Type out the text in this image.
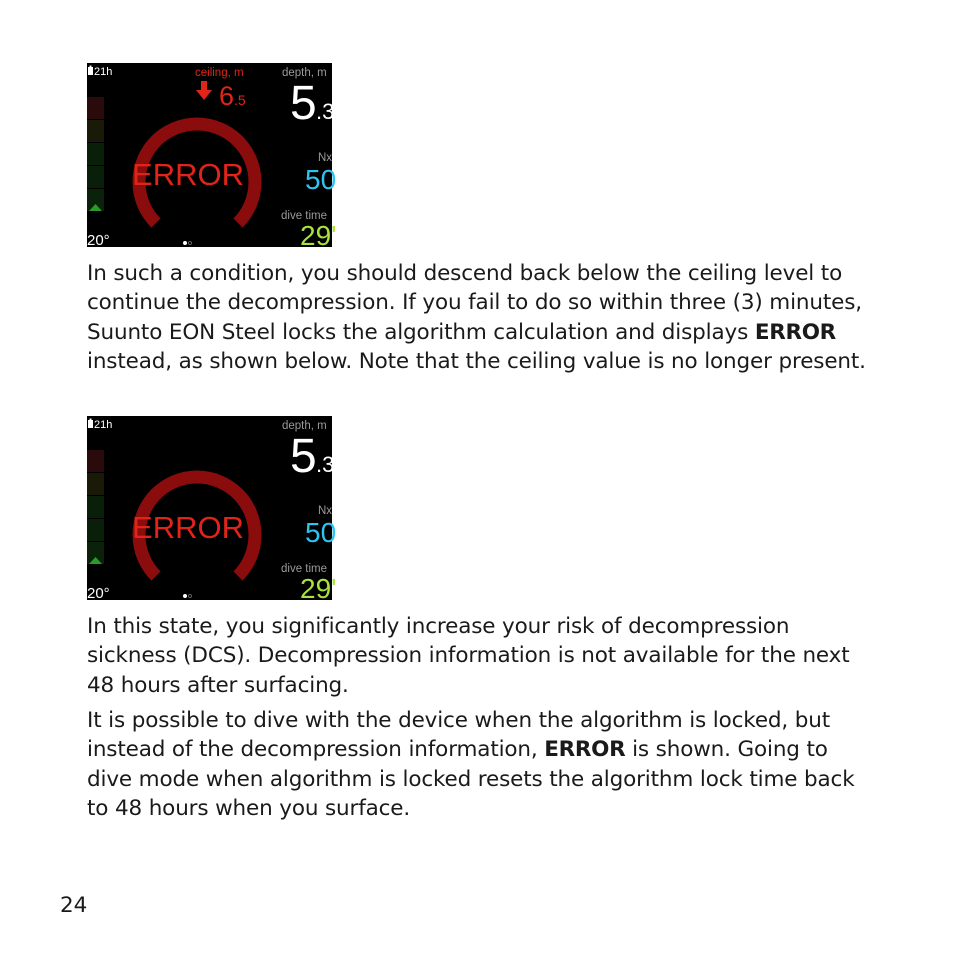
21h	ceiling, m
6 .5
depth, m
5 .3
Nx
50
ERROR
dive time
29'
20°

In such a condition, you should descend back below the ceiling level to continue the decompression. If you fail to do so within three (3) minutes, Suunto EON Steel locks the algorithm calculation and displays ERROR instead, as shown below. Note that the ceiling value is no longer present.

21h	depth, m
5 .3
Nx
50
ERROR
dive time
29'
20°

In this state, you significantly increase your risk of decompression sickness (DCS). Decompression information is not available for the next 48 hours after surfacing.

It is possible to dive with the device when the algorithm is locked, but instead of the decompression information, ERROR is shown. Going to dive mode when algorithm is locked resets the algorithm lock time back to 48 hours when you surface.

24
